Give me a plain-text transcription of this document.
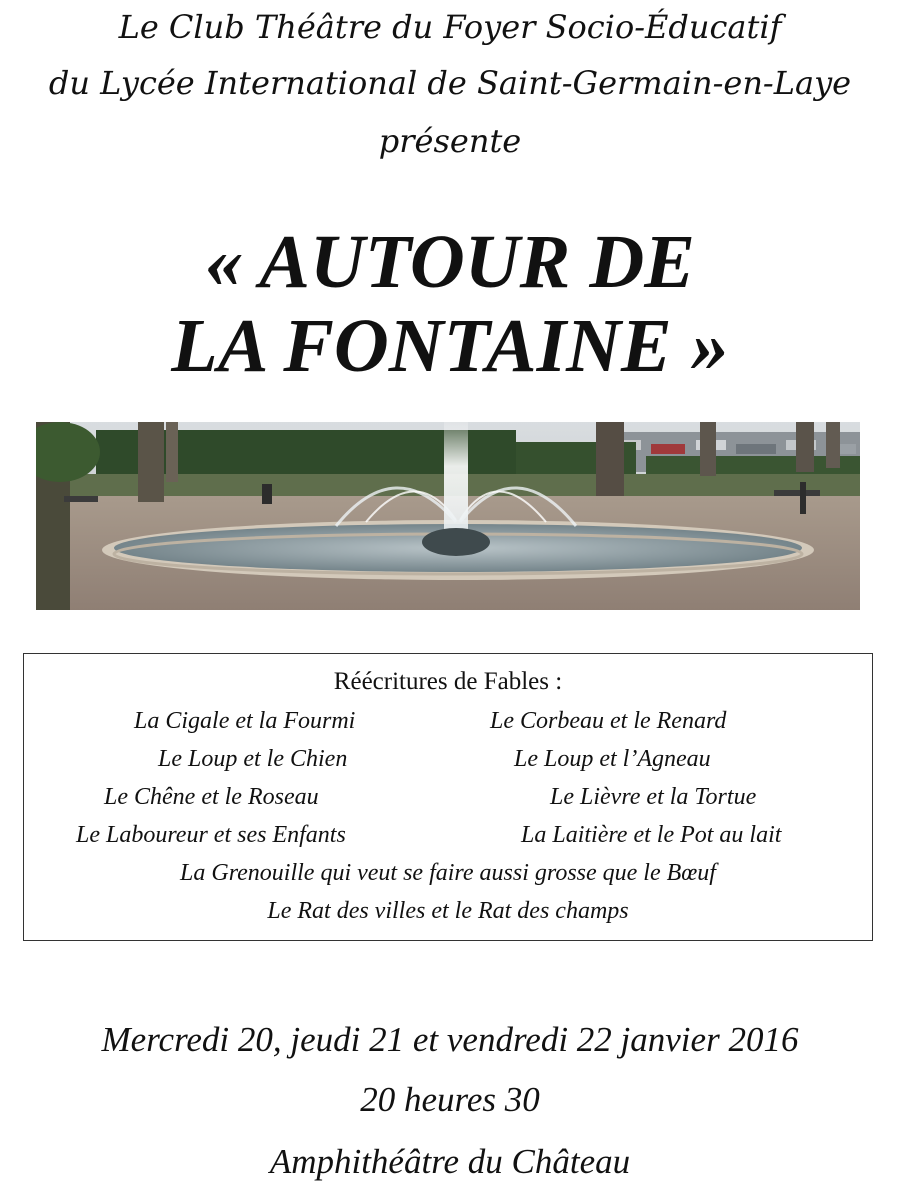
Le Club Théâtre du Foyer Socio-Éducatif
du Lycée International de Saint-Germain-en-Laye
présente
« AUTOUR DE
LA FONTAINE »
Réécritures de Fables :
La Cigale et la Fourmi	Le Corbeau et le Renard
Le Loup et le Chien	Le Loup et l’Agneau
Le Chêne et le Roseau	Le Lièvre et la Tortue
Le Laboureur et ses Enfants	La Laitière et le Pot au lait
La Grenouille qui veut se faire aussi grosse que le Bœuf
Le Rat des villes et le Rat des champs
Mercredi 20, jeudi 21 et vendredi 22 janvier 2016
20 heures 30
Amphithéâtre du Château
